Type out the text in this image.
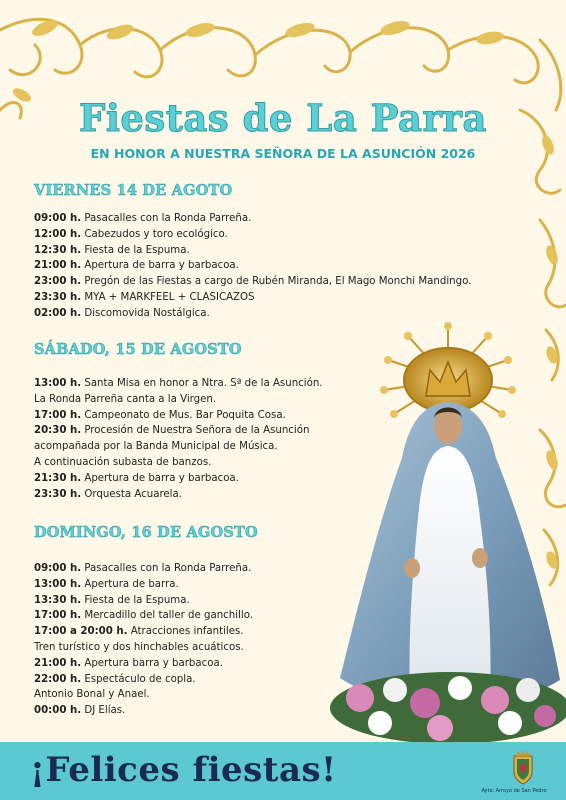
Fiestas de La Parra
EN HONOR A NUESTRA SEÑORA DE LA ASUNCIÓN 2026
VIERNES 14 DE AGOTO
09:00 h. Pasacalles con la Ronda Parreña.
12:00 h. Cabezudos y toro ecológico.
12:30 h. Fiesta de la Espuma.
21:00 h. Apertura de barra y barbacoa.
23:00 h. Pregón de las Fiestas a cargo de Rubén Miranda, El Mago Monchi Mandingo.
23:30 h. MYA + MARKFEEL + CLASICAZOS
02:00 h. Discomovida Nostálgica.
SÁBADO, 15 DE AGOSTO
13:00 h. Santa Misa en honor a Ntra. Sª de la Asunción.
La Ronda Parreña canta a la Virgen.
17:00 h. Campeonato de Mus. Bar Poquita Cosa.
20:30 h. Procesión de Nuestra Señora de la Asunción
acompañada por la Banda Municipal de Música.
A continuación subasta de banzos.
21:30 h. Apertura de barra y barbacoa.
23:30 h. Orquesta Acuarela.
DOMINGO, 16 DE AGOSTO
09:00 h. Pasacalles con la Ronda Parreña.
13:00 h. Apertura de barra.
13:30 h. Fiesta de la Espuma.
17:00 h. Mercadillo del taller de ganchillo.
17:00 a 20:00 h. Atracciones infantiles.
Tren turístico y dos hinchables acuáticos.
21:00 h. Apertura barra y barbacoa.
22:00 h. Espectáculo de copla.
Antonio Bonal y Anael.
00:00 h. DJ Elías.
¡Felices fiestas!
Ayto. Arroyo de San Pedro
